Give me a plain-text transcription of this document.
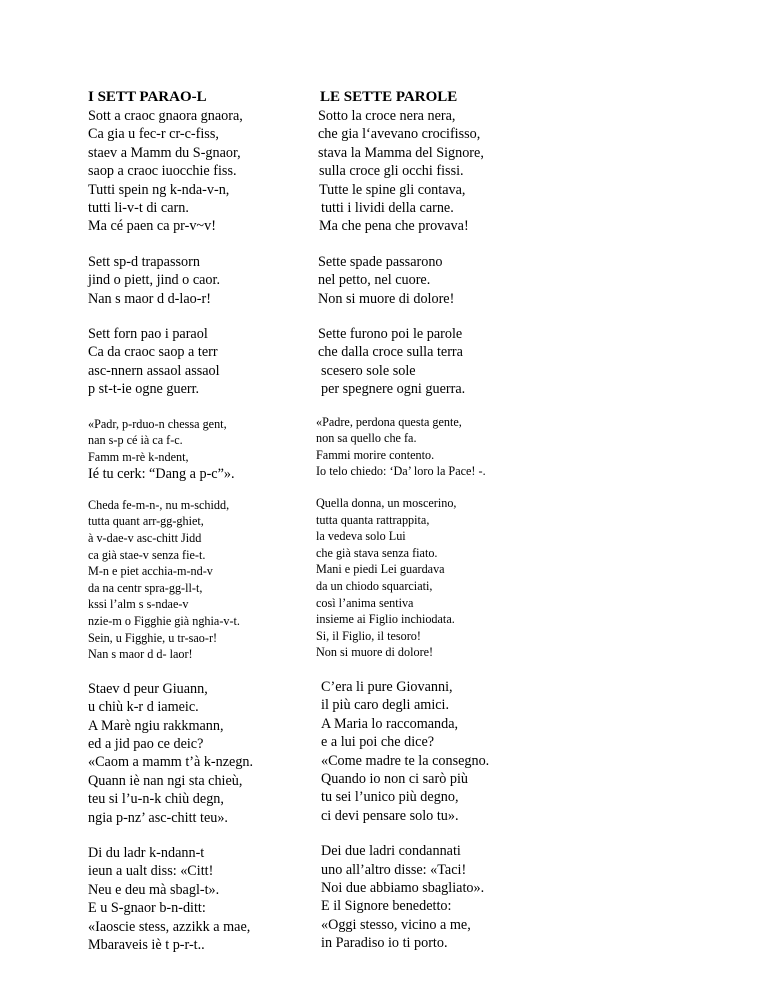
I SETT PARAO-L
Sott a craoc gnaora gnaora,
Ca gia u fec-r cr-c-fiss,
staev a Mamm du S-gnaor,
saop a craoc iuocchie fiss.
Tutti spein ng k-nda-v-n,
tutti li-v-t di carn.
Ma cé paen ca pr-v~v!
Sett sp-d trapassorn
jind o piett, jind o caor.
Nan s maor d d-lao-r!
Sett forn pao i paraol
Ca da craoc saop a terr
asc-nnern assaol assaol
p st-t-ie ogne guerr.
«Padr, p-rduo-n chessa gent,
nan s-p cé ià ca f-c.
Famm m-rè k-ndent,
Ié tu cerk: “Dang a p-c”».
Cheda fe-m-n-, nu m-schidd,
tutta quant arr-gg-ghiet,
à v-dae-v asc-chitt Jidd
ca già stae-v senza fie-t.
M-n e piet acchia-m-nd-v
da na centr spra-gg-ll-t,
kssi l’alm s s-ndae-v
nzie-m o Figghie già nghia-v-t.
Sein, u Figghie, u tr-sao-r!
Nan s maor d d- laor!
Staev d peur Giuann,
u chiù k-r d iameic.
A Marè ngiu rakkmann,
ed a jid pao ce deic?
«Caom a mamm t’à k-nzegn.
Quann iè nan ngi sta chieù,
teu si l’u-n-k chiù degn,
ngia p-nz’ asc-chitt teu».
Di du ladr k-ndann-t
ieun a ualt diss: «Citt!
Neu e deu mà sbagl-t».
E u S-gnaor b-n-ditt:
«Iaoscie stess, azzikk a mae,
Mbaraveis iè t p-r-t..
LE SETTE PAROLE
Sotto la croce nera nera,
che gia l‘avevano crocifisso,
stava la Mamma del Signore,
sulla croce gli occhi fissi.
Tutte le spine gli contava,
tutti i lividi della carne.
Ma che pena che provava!
Sette spade passarono
nel petto, nel cuore.
Non si muore di dolore!
Sette furono poi le parole
che dalla croce sulla terra
scesero sole sole
per spegnere ogni guerra.
«Padre, perdona questa gente,
non sa quello che fa.
Fammi morire contento.
Io telo chiedo: ‘Da’ loro la Pace! -.
Quella donna, un moscerino,
tutta quanta rattrappita,
la vedeva solo Lui
che già stava senza fiato.
Mani e piedi Lei guardava
da un chiodo squarciati,
così l’anima sentiva
insieme ai Figlio inchiodata.
Si, il Figlio, il tesoro!
Non si muore di dolore!
C’era li pure Giovanni,
il più caro degli amici.
A Maria lo raccomanda,
e a lui poi che dice?
«Come madre te la consegno.
Quando io non ci sarò più
tu sei l’unico più degno,
ci devi pensare solo tu».
Dei due ladri condannati
uno all’altro disse: «Taci!
Noi due abbiamo sbagliato».
E il Signore benedetto:
«Oggi stesso, vicino a me,
in Paradiso io ti porto.
